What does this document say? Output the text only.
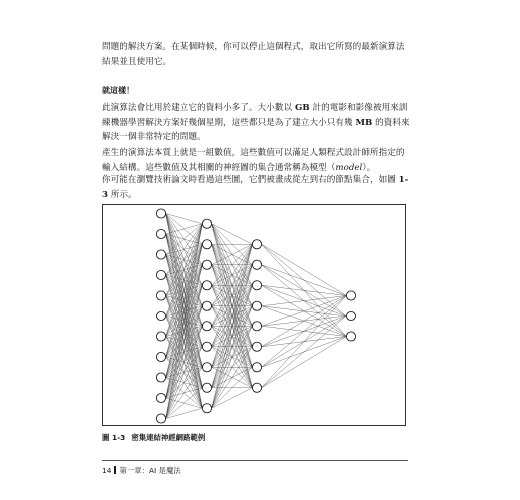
問題的解決方案。在某個時候，你可以停止這個程式，取出它所寫的最新演算法結果並且使用它。

就這樣！

此演算法會比用於建立它的資料小多了。大小數以 GB 計的電影和影像被用來訓練機器學習解決方案好幾個星期，這些都只是為了建立大小只有幾 MB 的資料來解決一個非常特定的問題。

產生的演算法本質上就是一組數值，這些數值可以滿足人類程式設計師所指定的輸入結構。這些數值及其相關的神經圖的集合通常稱為模型（model）。

你可能在瀏覽技術論文時看過這些圖，它們被畫成從左到右的節點集合，如圖 1-3 所示。

圖 1-3 密集連結神經網路範例
14 第一章：AI 是魔法
